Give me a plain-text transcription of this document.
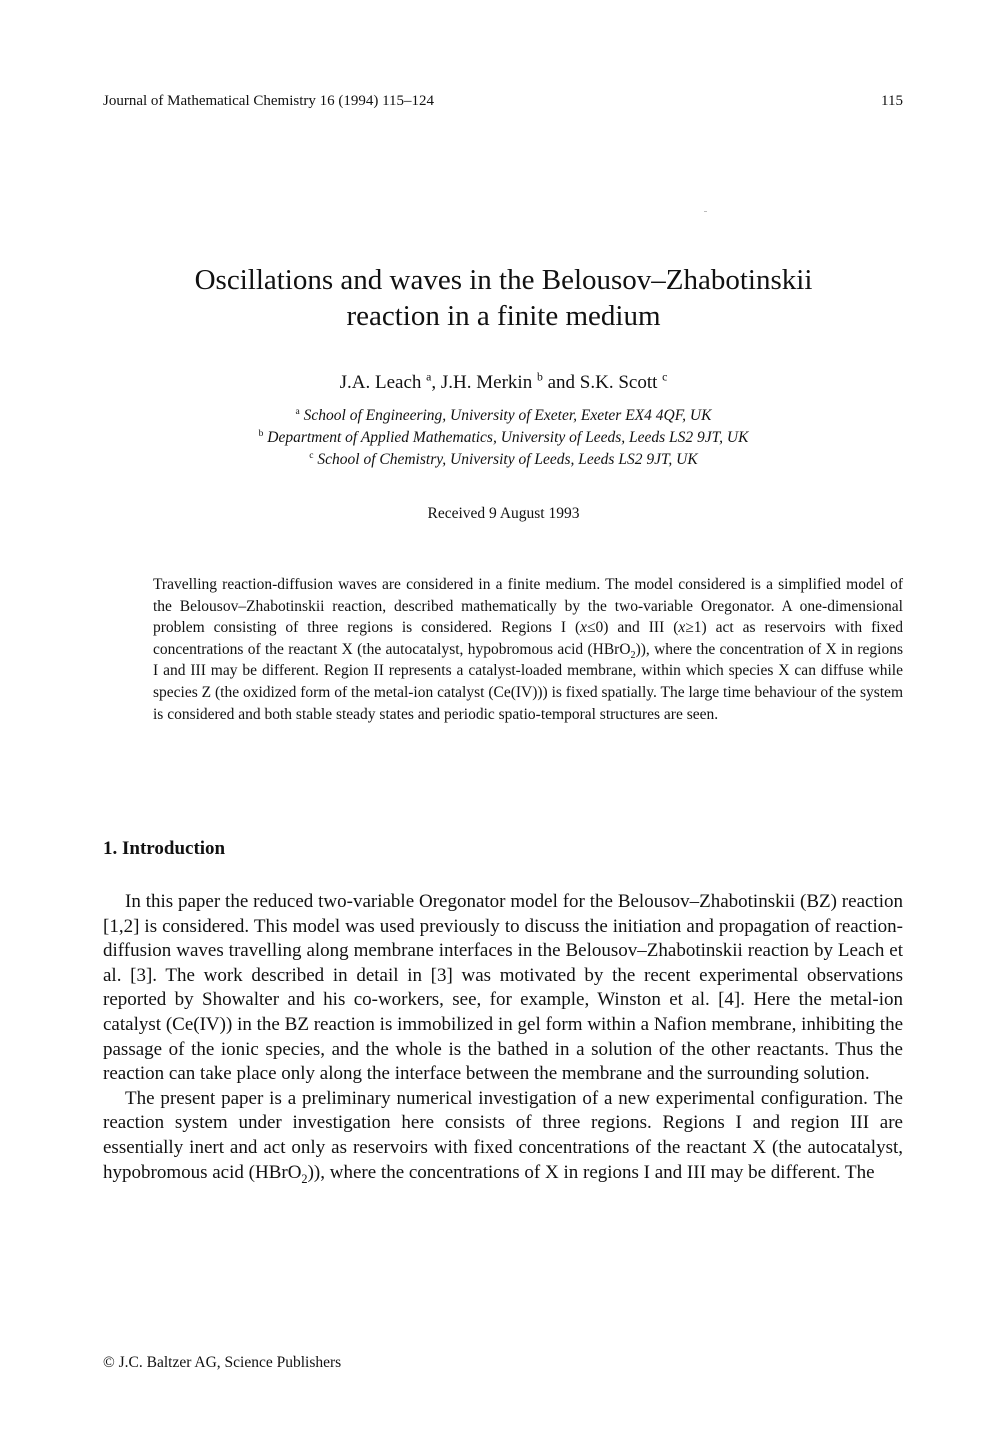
Journal of Mathematical Chemistry 16 (1994) 115–124	115
Oscillations and waves in the Belousov–Zhabotinskii
reaction in a finite medium
J.A. Leach $^a$, J.H. Merkin $^b$ and S.K. Scott $^c$
$^a$ School of Engineering, University of Exeter, Exeter EX4 4QF, UK
$^b$ Department of Applied Mathematics, University of Leeds, Leeds LS2 9JT, UK
$^c$ School of Chemistry, University of Leeds, Leeds LS2 9JT, UK
Received 9 August 1993
Travelling reaction-diffusion waves are considered in a finite medium. The model considered is a simplified model of the Belousov–Zhabotinskii reaction, described mathematically by the two-variable Oregonator. A one-dimensional problem consisting of three regions is considered. Regions I (x≤0) and III (x≥1) act as reservoirs with fixed concentrations of the reactant X (the autocatalyst, hypobromous acid (HBrO$_2$)), where the concentration of X in regions I and III may be different. Region II represents a catalyst-loaded membrane, within which species X can diffuse while species Z (the oxidized form of the metal-ion catalyst (Ce(IV))) is fixed spatially. The large time behaviour of the system is considered and both stable steady states and periodic spatio-temporal structures are seen.
1. Introduction

In this paper the reduced two-variable Oregonator model for the Belousov–Zhabotinskii (BZ) reaction [1,2] is considered. This model was used previously to discuss the initiation and propagation of reaction-diffusion waves travelling along membrane interfaces in the Belousov–Zhabotinskii reaction by Leach et al. [3]. The work described in detail in [3] was motivated by the recent experimental observations reported by Showalter and his co-workers, see, for example, Winston et al. [4]. Here the metal-ion catalyst (Ce(IV)) in the BZ reaction is immobilized in gel form within a Nafion membrane, inhibiting the passage of the ionic species, and the whole is the bathed in a solution of the other reactants. Thus the reaction can take place only along the interface between the membrane and the surrounding solution.

The present paper is a preliminary numerical investigation of a new experimental configuration. The reaction system under investigation here consists of three regions. Regions I and region III are essentially inert and act only as reservoirs with fixed concentrations of the reactant X (the autocatalyst, hypobromous acid (HBrO$_2$)), where the concentrations of X in regions I and III may be different. The

© J.C. Baltzer AG, Science Publishers
